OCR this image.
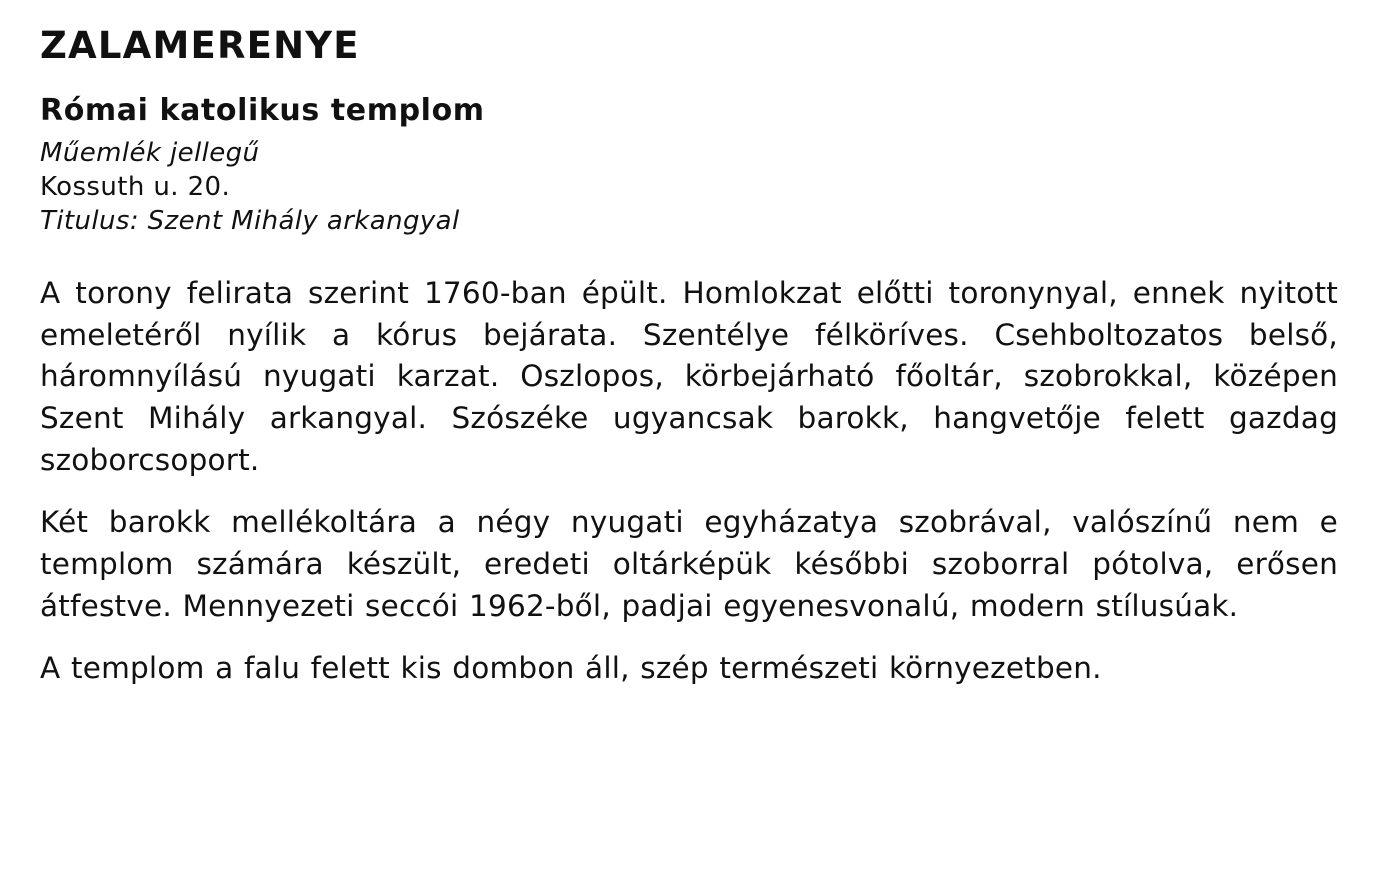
ZALAMERENYE
Római katolikus templom
Műemlék jellegű
Kossuth u. 20.
Titulus: Szent Mihály arkangyal

A torony felirata szerint 1760-ban épült. Homlokzat előtti toronynyal, ennek nyitott emeletéről nyílik a kórus bejárata. Szentélye félköríves. Csehboltozatos belső, háromnyílású nyugati karzat. Oszlopos, körbejárható főoltár, szobrokkal, középen Szent Mihály arkangyal. Szószéke ugyancsak barokk, hangvetője felett gazdag szoborcsoport.

Két barokk mellékoltára a négy nyugati egyházatya szobrával, valószínű nem e templom számára készült, eredeti oltárképük későbbi szoborral pótolva, erősen átfestve. Mennyezeti seccói 1962-ből, padjai egyenesvonalú, modern stílusúak.

A templom a falu felett kis dombon áll, szép természeti környezetben.
